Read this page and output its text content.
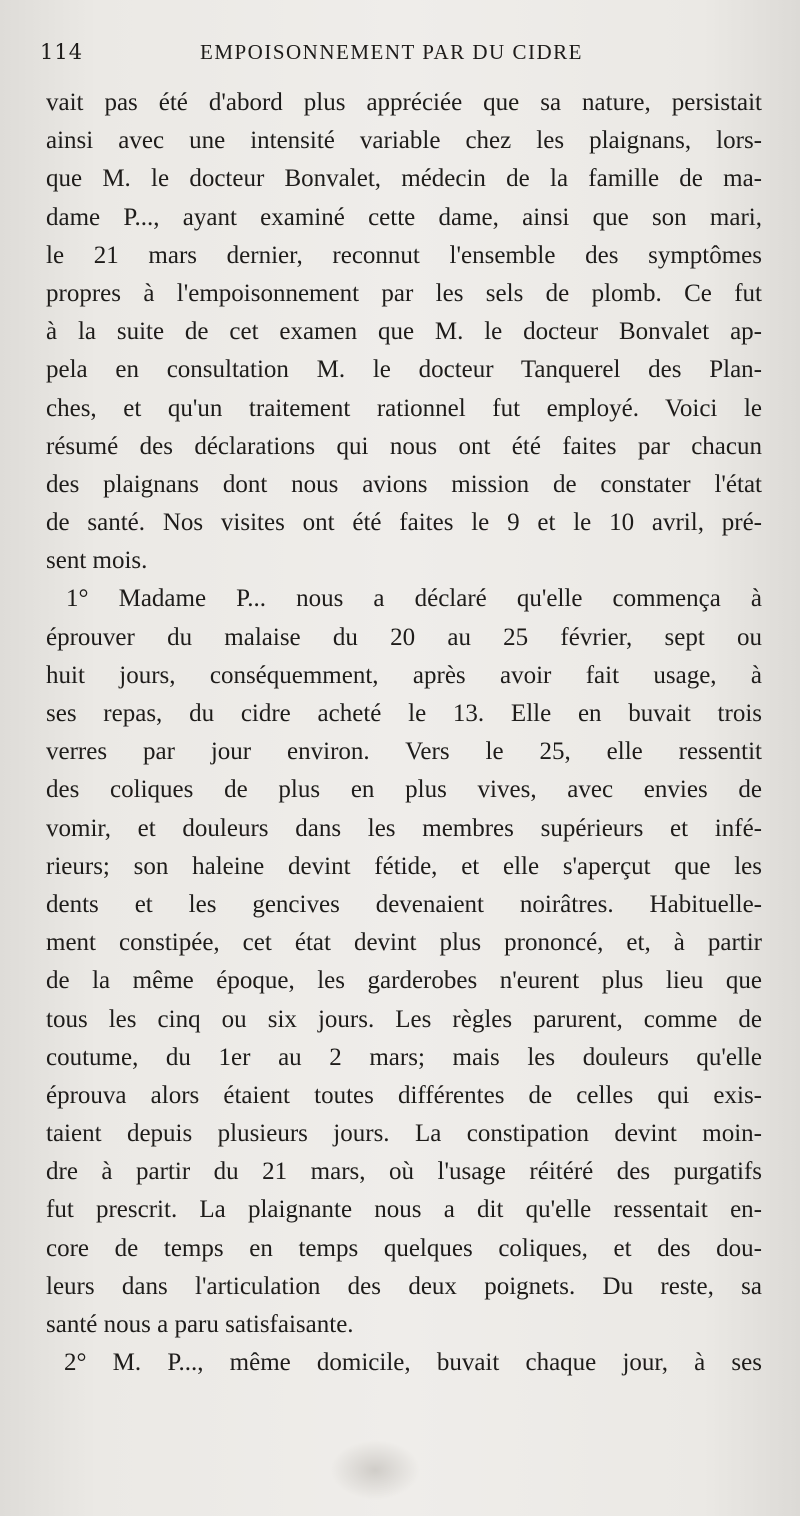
114	EMPOISONNEMENT PAR DU CIDRE
vait pas été d'abord plus appréciée que sa nature, persistait
ainsi avec une intensité variable chez les plaignans, lors-
que M. le docteur Bonvalet, médecin de la famille de ma-
dame P..., ayant examiné cette dame, ainsi que son mari,
le 21 mars dernier, reconnut l'ensemble des symptômes
propres à l'empoisonnement par les sels de plomb. Ce fut
à la suite de cet examen que M. le docteur Bonvalet ap-
pela en consultation M. le docteur Tanquerel des Plan-
ches, et qu'un traitement rationnel fut employé. Voici le
résumé des déclarations qui nous ont été faites par chacun
des plaignans dont nous avions mission de constater l'état
de santé. Nos visites ont été faites le 9 et le 10 avril, pré-
sent mois.
1° Madame P... nous a déclaré qu'elle commença à
éprouver du malaise du 20 au 25 février, sept ou
huit jours, conséquemment, après avoir fait usage, à
ses repas, du cidre acheté le 13. Elle en buvait trois
verres par jour environ. Vers le 25, elle ressentit
des coliques de plus en plus vives, avec envies de
vomir, et douleurs dans les membres supérieurs et infé-
rieurs; son haleine devint fétide, et elle s'aperçut que les
dents et les gencives devenaient noirâtres. Habituelle-
ment constipée, cet état devint plus prononcé, et, à partir
de la même époque, les garderobes n'eurent plus lieu que
tous les cinq ou six jours. Les règles parurent, comme de
coutume, du 1er au 2 mars; mais les douleurs qu'elle
éprouva alors étaient toutes différentes de celles qui exis-
taient depuis plusieurs jours. La constipation devint moin-
dre à partir du 21 mars, où l'usage réitéré des purgatifs
fut prescrit. La plaignante nous a dit qu'elle ressentait en-
core de temps en temps quelques coliques, et des dou-
leurs dans l'articulation des deux poignets. Du reste, sa
santé nous a paru satisfaisante.
2° M. P..., même domicile, buvait chaque jour, à ses
